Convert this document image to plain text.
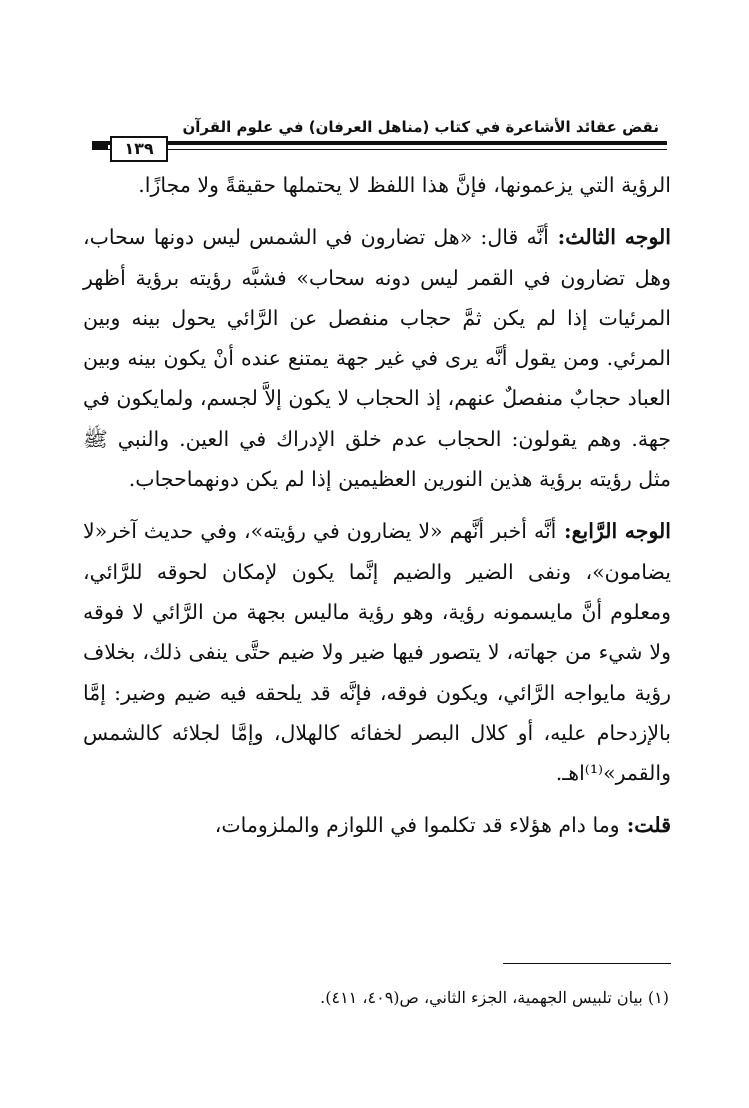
نقض عقائد الأشاعرة في كتاب (مناهل العرفان) في علوم القرآن
١٣٩

الرؤية التي يزعمونها، فإنَّ هذا اللفظ لا يحتملها حقيقةً ولا مجازًا.

الوجه الثالث: أنَّه قال: «هل تضارون في الشمس ليس دونها سحاب، وهل تضارون في القمر ليس دونه سحاب» فشبَّه رؤيته برؤية أظهر المرئيات إذا لم يكن ثمَّ حجاب منفصل عن الرَّائي يحول بينه وبين المرئي. ومن يقول أنَّه يرى في غير جهة يمتنع عنده أنْ يكون بينه وبين العباد حجابٌ منفصلٌ عنهم، إذ الحجاب لا يكون إلاَّ لجسم، ولمايكون في جهة. وهم يقولون: الحجاب عدم خلق الإدراك في العين. والنبي ﷺ مثل رؤيته برؤية هذين النورين العظيمين إذا لم يكن دونهماحجاب.

الوجه الرَّابع: أنَّه أخبر أنَّهم «لا يضارون في رؤيته»، وفي حديث آخر«لا يضامون»، ونفى الضير والضيم إنَّما يكون لإمكان لحوقه للرَّائي، ومعلوم أنَّ مايسمونه رؤية، وهو رؤية ماليس بجهة من الرَّائي لا فوقه ولا شيء من جهاته، لا يتصور فيها ضير ولا ضيم حتَّى ينفى ذلك، بخلاف رؤية مايواجه الرَّائي، ويكون فوقه، فإنَّه قد يلحقه فيه ضيم وضير: إمَّا بالإزدحام عليه، أو كلال البصر لخفائه كالهلال، وإمَّا لجلائه كالشمس والقمر»⁽¹⁾اهـ.

قلت: وما دام هؤلاء قد تكلموا في اللوازم والملزومات،

(١) بيان تلبيس الجهمية، الجزء الثاني، ص(٤٠٩، ٤١١).
